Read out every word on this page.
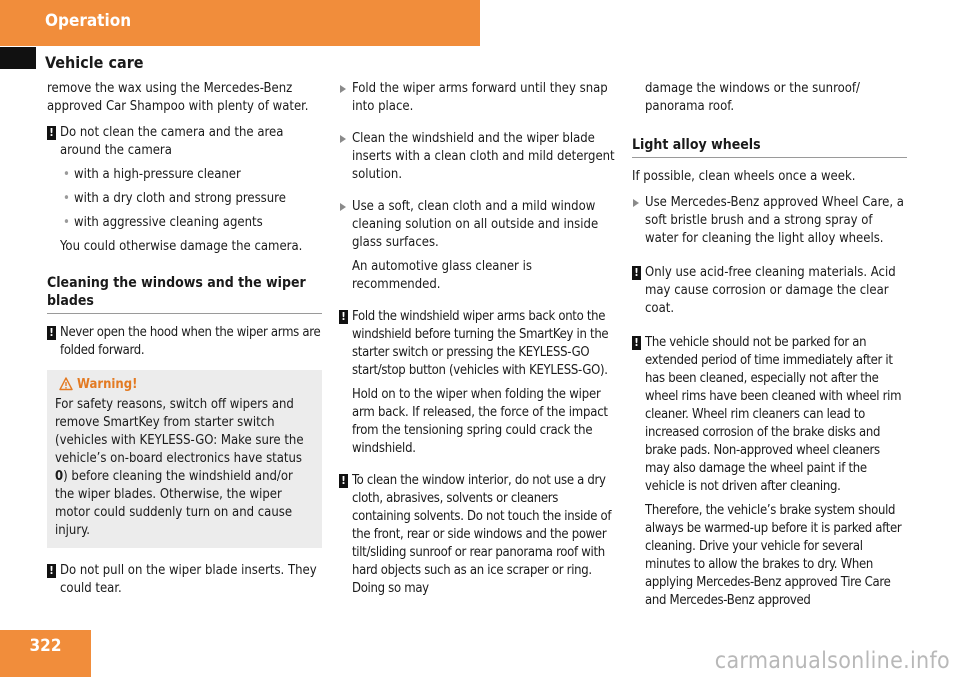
Operation
Vehicle care

remove the wax using the Mercedes-Benz approved Car Shampoo with plenty of water.

! Do not clean the camera and the area around the camera

• with a high-pressure cleaner
• with a dry cloth and strong pressure
• with aggressive cleaning agents

You could otherwise damage the camera.

Cleaning the windows and the wiper blades
! Never open the hood when the wiper arms are folded forward.

Warning!

For safety reasons, switch off wipers and remove SmartKey from starter switch (vehicles with KEYLESS-GO: Make sure the vehicle’s on-board electronics have status 0) before cleaning the windshield and/or the wiper blades. Otherwise, the wiper motor could suddenly turn on and cause injury.

! Do not pull on the wiper blade inserts. They could tear.

Fold the wiper arms forward until they snap into place.

Clean the windshield and the wiper blade inserts with a clean cloth and mild detergent solution.

Use a soft, clean cloth and a mild window cleaning solution on all outside and inside glass surfaces.

An automotive glass cleaner is recommended.

! Fold the windshield wiper arms back onto the windshield before turning the SmartKey in the starter switch or pressing the KEYLESS-GO start/stop button (vehicles with KEYLESS-GO).

Hold on to the wiper when folding the wiper arm back. If released, the force of the impact from the tensioning spring could crack the windshield.

! To clean the window interior, do not use a dry cloth, abrasives, solvents or cleaners containing solvents. Do not touch the inside of the front, rear or side windows and the power tilt/sliding sunroof or rear panorama roof with hard objects such as an ice scraper or ring. Doing so may

damage the windows or the sunroof/ panorama roof.

Light alloy wheels

If possible, clean wheels once a week.

Use Mercedes-Benz approved Wheel Care, a soft bristle brush and a strong spray of water for cleaning the light alloy wheels.

! Only use acid-free cleaning materials. Acid may cause corrosion or damage the clear coat.

! The vehicle should not be parked for an extended period of time immediately after it has been cleaned, especially not after the wheel rims have been cleaned with wheel rim cleaner. Wheel rim cleaners can lead to increased corrosion of the brake disks and brake pads. Non-approved wheel cleaners may also damage the wheel paint if the vehicle is not driven after cleaning.

Therefore, the vehicle’s brake system should always be warmed-up before it is parked after cleaning. Drive your vehicle for several minutes to allow the brakes to dry. When applying Mercedes-Benz approved Tire Care and Mercedes-Benz approved

322
carmanualsonline.info
